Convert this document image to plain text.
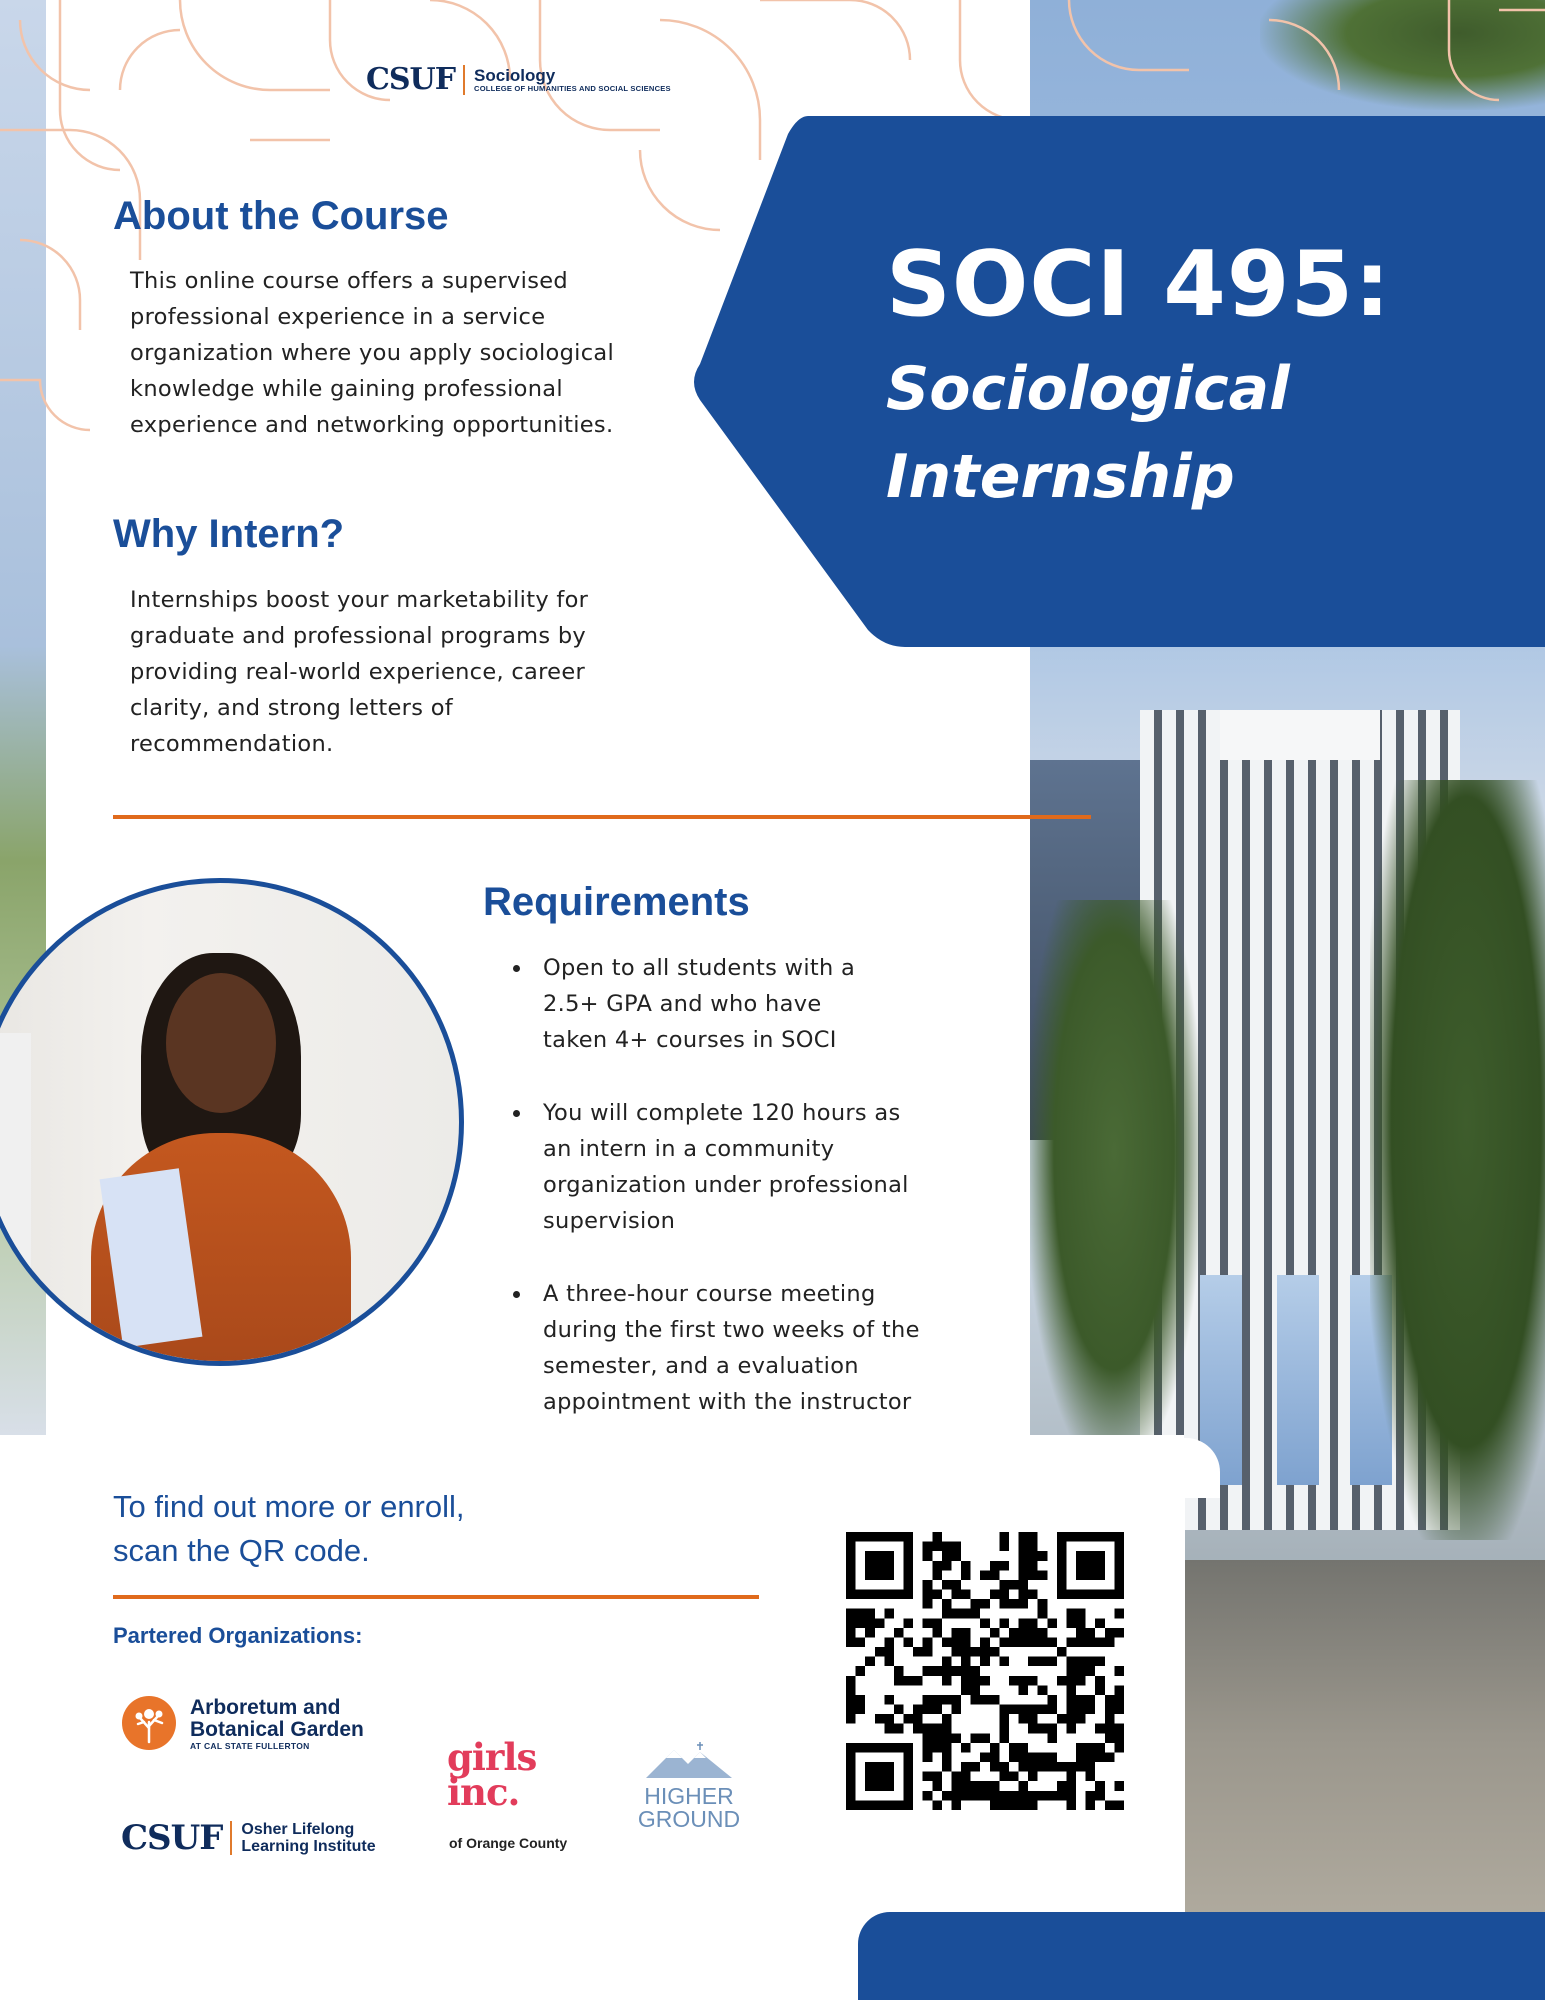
SOCI 495:
Sociological
Internship
CSUF Sociology
COLLEGE OF HUMANITIES AND SOCIAL SCIENCES
About the Course
This online course offers a supervised
professional experience in a service
organization where you apply sociological
knowledge while gaining professional
experience and networking opportunities.
Why Intern?
Internships boost your marketability for
graduate and professional programs by
providing real-world experience, career
clarity, and strong letters of
recommendation.
Requirements
Open to all students with a
2.5+ GPA and who have
taken 4+ courses in SOCI
You will complete 120 hours as
an intern in a community
organization under professional
supervision
A three-hour course meeting
during the first two weeks of the
semester, and a evaluation
appointment with the instructor
To find out more or enroll,
scan the QR code.
Partered Organizations:
Arboretum and
Botanical Garden
AT CAL STATE FULLERTON	girls
inc.
of Orange County
HIGHER
GROUND
CSUF Osher Lifelong
Learning Institute
